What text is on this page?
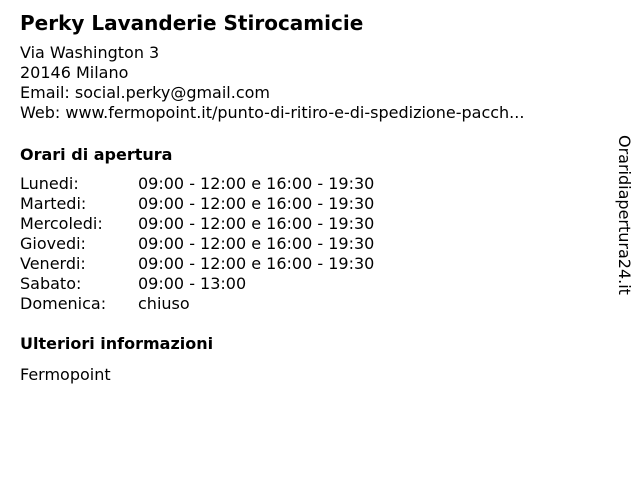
Perky Lavanderie Stirocamicie
Via Washington 3
20146 Milano
Email: social.perky@gmail.com
Web: www.fermopoint.it/punto-di-ritiro-e-di-spedizione-pacch...
Orari di apertura
Lunedi:	09:00 - 12:00 e 16:00 - 19:30
Martedi:	09:00 - 12:00 e 16:00 - 19:30
Mercoledi:	09:00 - 12:00 e 16:00 - 19:30
Giovedi:	09:00 - 12:00 e 16:00 - 19:30
Venerdi:	09:00 - 12:00 e 16:00 - 19:30
Sabato:	09:00 - 13:00
Domenica:	chiuso
Ulteriori informazioni
Fermopoint
Oraridiapertura24.it
